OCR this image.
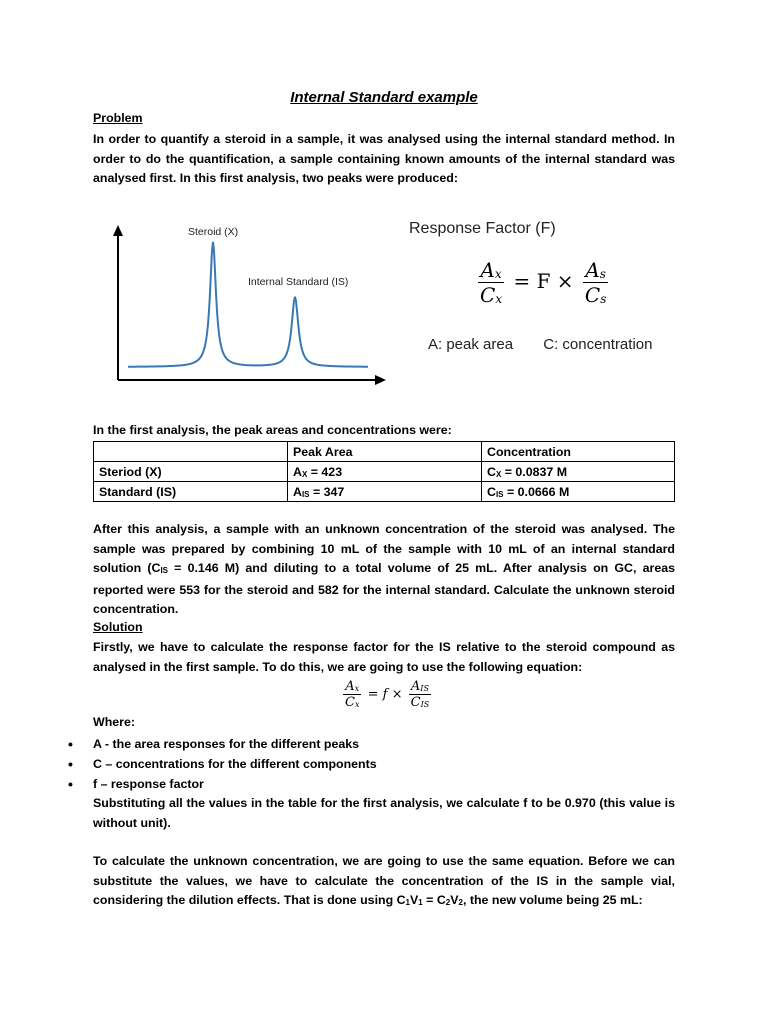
Internal Standard example
Problem
In order to quantify a steroid in a sample, it was analysed using the internal standard method. In order to do the quantification, a sample containing known amounts of the internal standard was analysed first. In this first analysis, two peaks were produced:
Steroid (X)
Internal Standard (IS)
Response Factor (F)
$\frac{A_x}{C_x} = F \times \frac{A_s}{C_s}$
A: peak area C: concentration
In the first analysis, the peak areas and concentrations were:
	Peak Area	Concentration
Steriod (X)	$A_X = 423$	$C_X = 0.0837$ M
Standard (IS)	$A_{IS} = 347$	$C_{IS} = 0.0666$ M
After this analysis, a sample with an unknown concentration of the steroid was analysed. The sample was prepared by combining 10 mL of the sample with 10 mL of an internal standard solution ($C_{IS} = 0.146$ M) and diluting to a total volume of 25 mL. After analysis on GC, areas reported were 553 for the steroid and 582 for the internal standard. Calculate the unknown steroid concentration.
Solution
Firstly, we have to calculate the response factor for the IS relative to the steroid compound as analysed in the first sample. To do this, we are going to use the following equation:
$\frac{A_x}{C_x} = f \times \frac{A_{IS}}{C_{IS}}$
Where:
• A - the area responses for the different peaks
• C – concentrations for the different components
• f – response factor
Substituting all the values in the table for the first analysis, we calculate f to be 0.970 (this value is without unit).
To calculate the unknown concentration, we are going to use the same equation. Before we can substitute the values, we have to calculate the concentration of the IS in the sample vial, considering the dilution effects. That is done using $C_1V_1 = C_2V_2$, the new volume being 25 mL:
